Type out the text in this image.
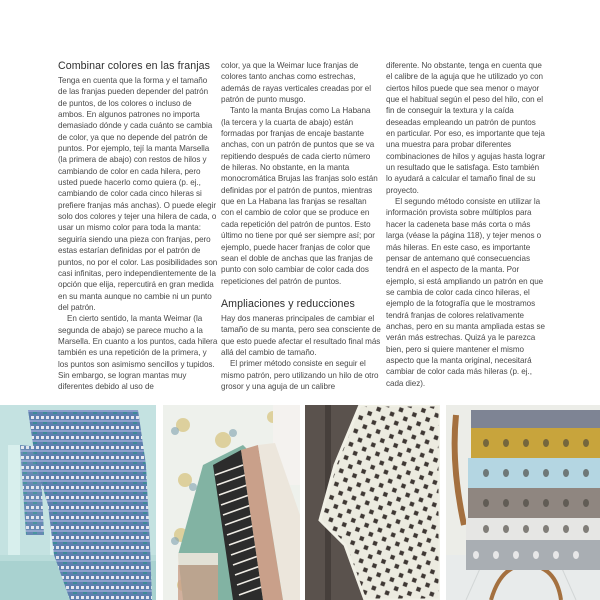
Combinar colores en las franjas

Tenga en cuenta que la forma y el tamaño de las franjas pueden depender del patrón de puntos, de los colores o incluso de ambos. En algunos patrones no importa demasiado dónde y cada cuánto se cambia de color, ya que no depende del patrón de puntos. Por ejemplo, tejí la manta Marsella (la primera de abajo) con restos de hilos y cambiando de color en cada hilera, pero usted puede hacerlo como quiera (p. ej., cambiando de color cada cinco hileras si prefiere franjas más anchas). O puede elegir solo dos colores y tejer una hilera de cada, o usar un mismo color para toda la manta: seguiría siendo una pieza con franjas, pero estas estarían definidas por el patrón de puntos, no por el color. Las posibilidades son casi infinitas, pero independientemente de la opción que elija, repercutirá en gran medida en su manta aunque no cambie ni un punto del patrón.

En cierto sentido, la manta Weimar (la segunda de abajo) se parece mucho a la Marsella. En cuanto a los puntos, cada hilera también es una repetición de la primera, y los puntos son asimismo sencillos y tupidos. Sin embargo, se logran mantas muy diferentes debido al uso de

color, ya que la Weimar luce franjas de colores tanto anchas como estrechas, además de rayas verticales creadas por el patrón de punto musgo.

Tanto la manta Brujas como La Habana (la tercera y la cuarta de abajo) están formadas por franjas de encaje bastante anchas, con un patrón de puntos que se va repitiendo después de cada cierto número de hileras. No obstante, en la manta monocromática Brujas las franjas solo están definidas por el patrón de puntos, mientras que en La Habana las franjas se resaltan con el cambio de color que se produce en cada repetición del patrón de puntos. Esto último no tiene por qué ser siempre así; por ejemplo, puede hacer franjas de color que sean el doble de anchas que las franjas de punto con solo cambiar de color cada dos repeticiones del patrón de puntos.

Ampliaciones y reducciones

Hay dos maneras principales de cambiar el tamaño de su manta, pero sea consciente de que esto puede afectar el resultado final más allá del cambio de tamaño.

El primer método consiste en seguir el mismo patrón, pero utilizando un hilo de otro grosor y una aguja de un calibre

diferente. No obstante, tenga en cuenta que el calibre de la aguja que he utilizado yo con ciertos hilos puede que sea menor o mayor que el habitual según el peso del hilo, con el fin de conseguir la textura y la caída deseadas empleando un patrón de puntos en particular. Por eso, es importante que teja una muestra para probar diferentes combinaciones de hilos y agujas hasta lograr un resultado que le satisfaga. Esto también lo ayudará a calcular el tamaño final de su proyecto.

El segundo método consiste en utilizar la información provista sobre múltiplos para hacer la cadeneta base más corta o más larga (véase la página 118), y tejer menos o más hileras. En este caso, es importante pensar de antemano qué consecuencias tendrá en el aspecto de la manta. Por ejemplo, si está ampliando un patrón en que se cambia de color cada cinco hileras, el ejemplo de la fotografía que le mostramos tendrá franjas de colores relativamente anchas, pero en su manta ampliada estas se verán más estrechas. Quizá ya le parezca bien, pero si quiere mantener el mismo aspecto que la manta original, necesitará cambiar de color cada más hileras (p. ej., cada diez).
